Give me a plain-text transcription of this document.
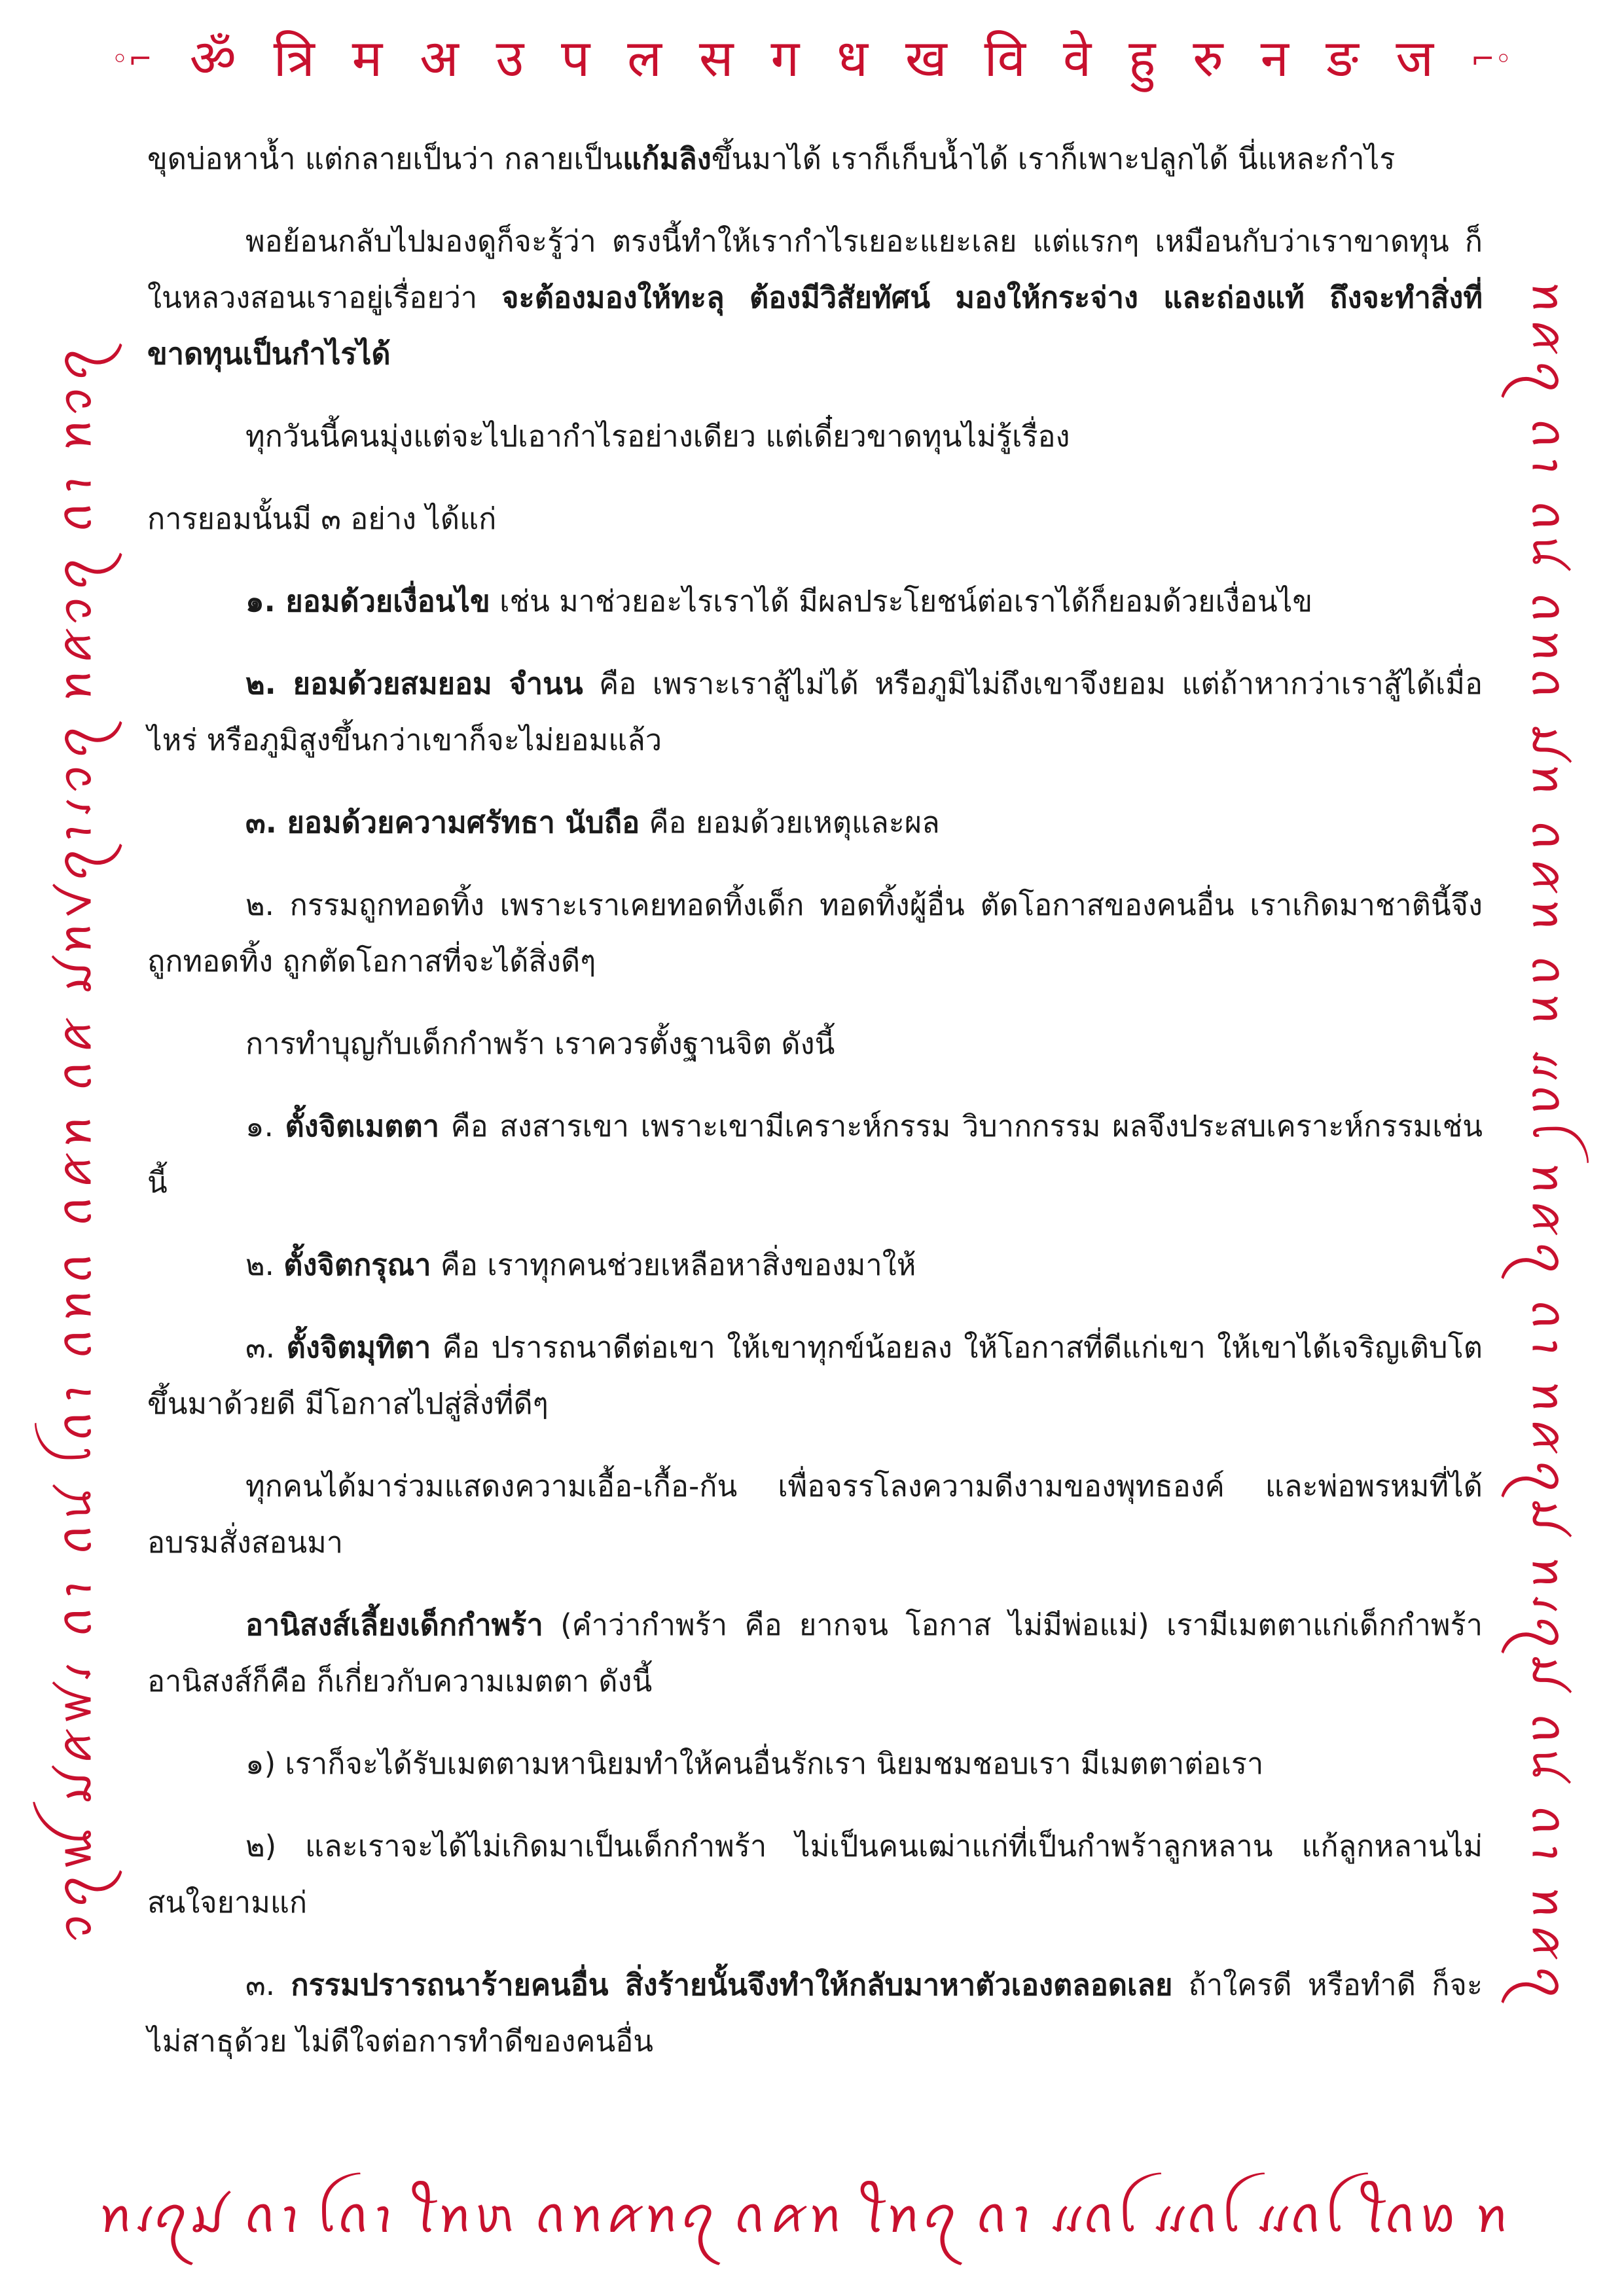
◦⌐ ॐ त्रि म अ उ प ल स ग ध ख वि वे हु रु न ङ ज ⌐◦
ꪫꪖꪡ ꪣꪁꪝꪹ ꪒꪱ ꪒꪙ ꪶꪒꪱ ꪒꪀꪒ ꪒꪁꪀ ꪒꪁ ꪣꪀꪚꪖꪱꪹꪫꪖ ꪀꪁꪫꪖ ꪒꪱ ꪀꪫꪖ	ꪀꪁꪖ ꪒꪱ ꪒꪙ ꪒꪀꪒ ꪣꪀ ꪒꪁꪀ ꪒꪀ ꪵꪒꪶ ꪀꪁꪖ ꪒꪱ ꪀꪁꪖꪣ ꪀꪹꪖꪣ ꪒꪙ ꪒꪱ ꪀꪁꪖ
ꪀꪹꪖꪣ ꪒꪱ ꪶꪒꪱ ꪻꪀꪬ ꪒꪀꪁꪀꪖ ꪒꪁꪀ ꪻꪀꪖ ꪒꪱ ꪵꪒꪶ ꪵꪒꪶ ꪵꪒꪶ ꪻꪒꪭ ꪀ

ขุดบ่อหาน้ำ แต่กลายเป็นว่า กลายเป็นแก้มลิงขึ้นมาได้ เราก็เก็บน้ำได้ เราก็เพาะปลูกได้ นี่แหละกำไร

พอย้อนกลับไปมองดูก็จะรู้ว่า ตรงนี้ทำให้เรากำไรเยอะแยะเลย แต่แรกๆ เหมือนกับว่าเราขาดทุน ก็ในหลวงสอนเราอยู่เรื่อยว่า จะต้องมองให้ทะลุ ต้องมีวิสัยทัศน์ มองให้กระจ่าง และถ่องแท้ ถึงจะทำสิ่งที่ขาดทุนเป็นกำไรได้

ทุกวันนี้คนมุ่งแต่จะไปเอากำไรอย่างเดียว แต่เดี๋ยวขาดทุนไม่รู้เรื่อง

การยอมนั้นมี ๓ อย่าง ได้แก่

๑. ยอมด้วยเงื่อนไข เช่น มาช่วยอะไรเราได้ มีผลประโยชน์ต่อเราได้ก็ยอมด้วยเงื่อนไข

๒. ยอมด้วยสมยอม จำนน คือ เพราะเราสู้ไม่ได้ หรือภูมิไม่ถึงเขาจึงยอม แต่ถ้าหากว่าเราสู้ได้เมื่อไหร่ หรือภูมิสูงขึ้นกว่าเขาก็จะไม่ยอมแล้ว

๓. ยอมด้วยความศรัทธา นับถือ คือ ยอมด้วยเหตุและผล

๒. กรรมถูกทอดทิ้ง เพราะเราเคยทอดทิ้งเด็ก ทอดทิ้งผู้อื่น ตัดโอกาสของคนอื่น เราเกิดมาชาตินี้จึงถูกทอดทิ้ง ถูกตัดโอกาสที่จะได้สิ่งดีๆ

การทำบุญกับเด็กกำพร้า เราควรตั้งฐานจิต ดังนี้

๑. ตั้งจิตเมตตา คือ สงสารเขา เพราะเขามีเคราะห์กรรม วิบากกรรม ผลจึงประสบเคราะห์กรรมเช่นนี้

๒. ตั้งจิตกรุณา คือ เราทุกคนช่วยเหลือหาสิ่งของมาให้

๓. ตั้งจิตมุทิตา คือ ปรารถนาดีต่อเขา ให้เขาทุกข์น้อยลง ให้โอกาสที่ดีแก่เขา ให้เขาได้เจริญเติบโตขึ้นมาด้วยดี มีโอกาสไปสู่สิ่งที่ดีๆ

ทุกคนได้มาร่วมแสดงความเอื้อ-เกื้อ-กัน เพื่อจรรโลงความดีงามของพุทธองค์ และพ่อพรหมที่ได้อบรมสั่งสอนมา

อานิสงส์เลี้ยงเด็กกำพร้า (คำว่ากำพร้า คือ ยากจน โอกาส ไม่มีพ่อแม่) เรามีเมตตาแก่เด็กกำพร้า อานิสงส์ก็คือ ก็เกี่ยวกับความเมตตา ดังนี้

๑) เราก็จะได้รับเมตตามหานิยมทำให้คนอื่นรักเรา นิยมชมชอบเรา มีเมตตาต่อเรา

๒) และเราจะได้ไม่เกิดมาเป็นเด็กกำพร้า ไม่เป็นคนเฒ่าแก่ที่เป็นกำพร้าลูกหลาน แก้ลูกหลานไม่สนใจยามแก่

๓. กรรมปรารถนาร้ายคนอื่น สิ่งร้ายนั้นจึงทำให้กลับมาหาตัวเองตลอดเลย ถ้าใครดี หรือทำดี ก็จะไม่สาธุด้วย ไม่ดีใจต่อการทำดีของคนอื่น
